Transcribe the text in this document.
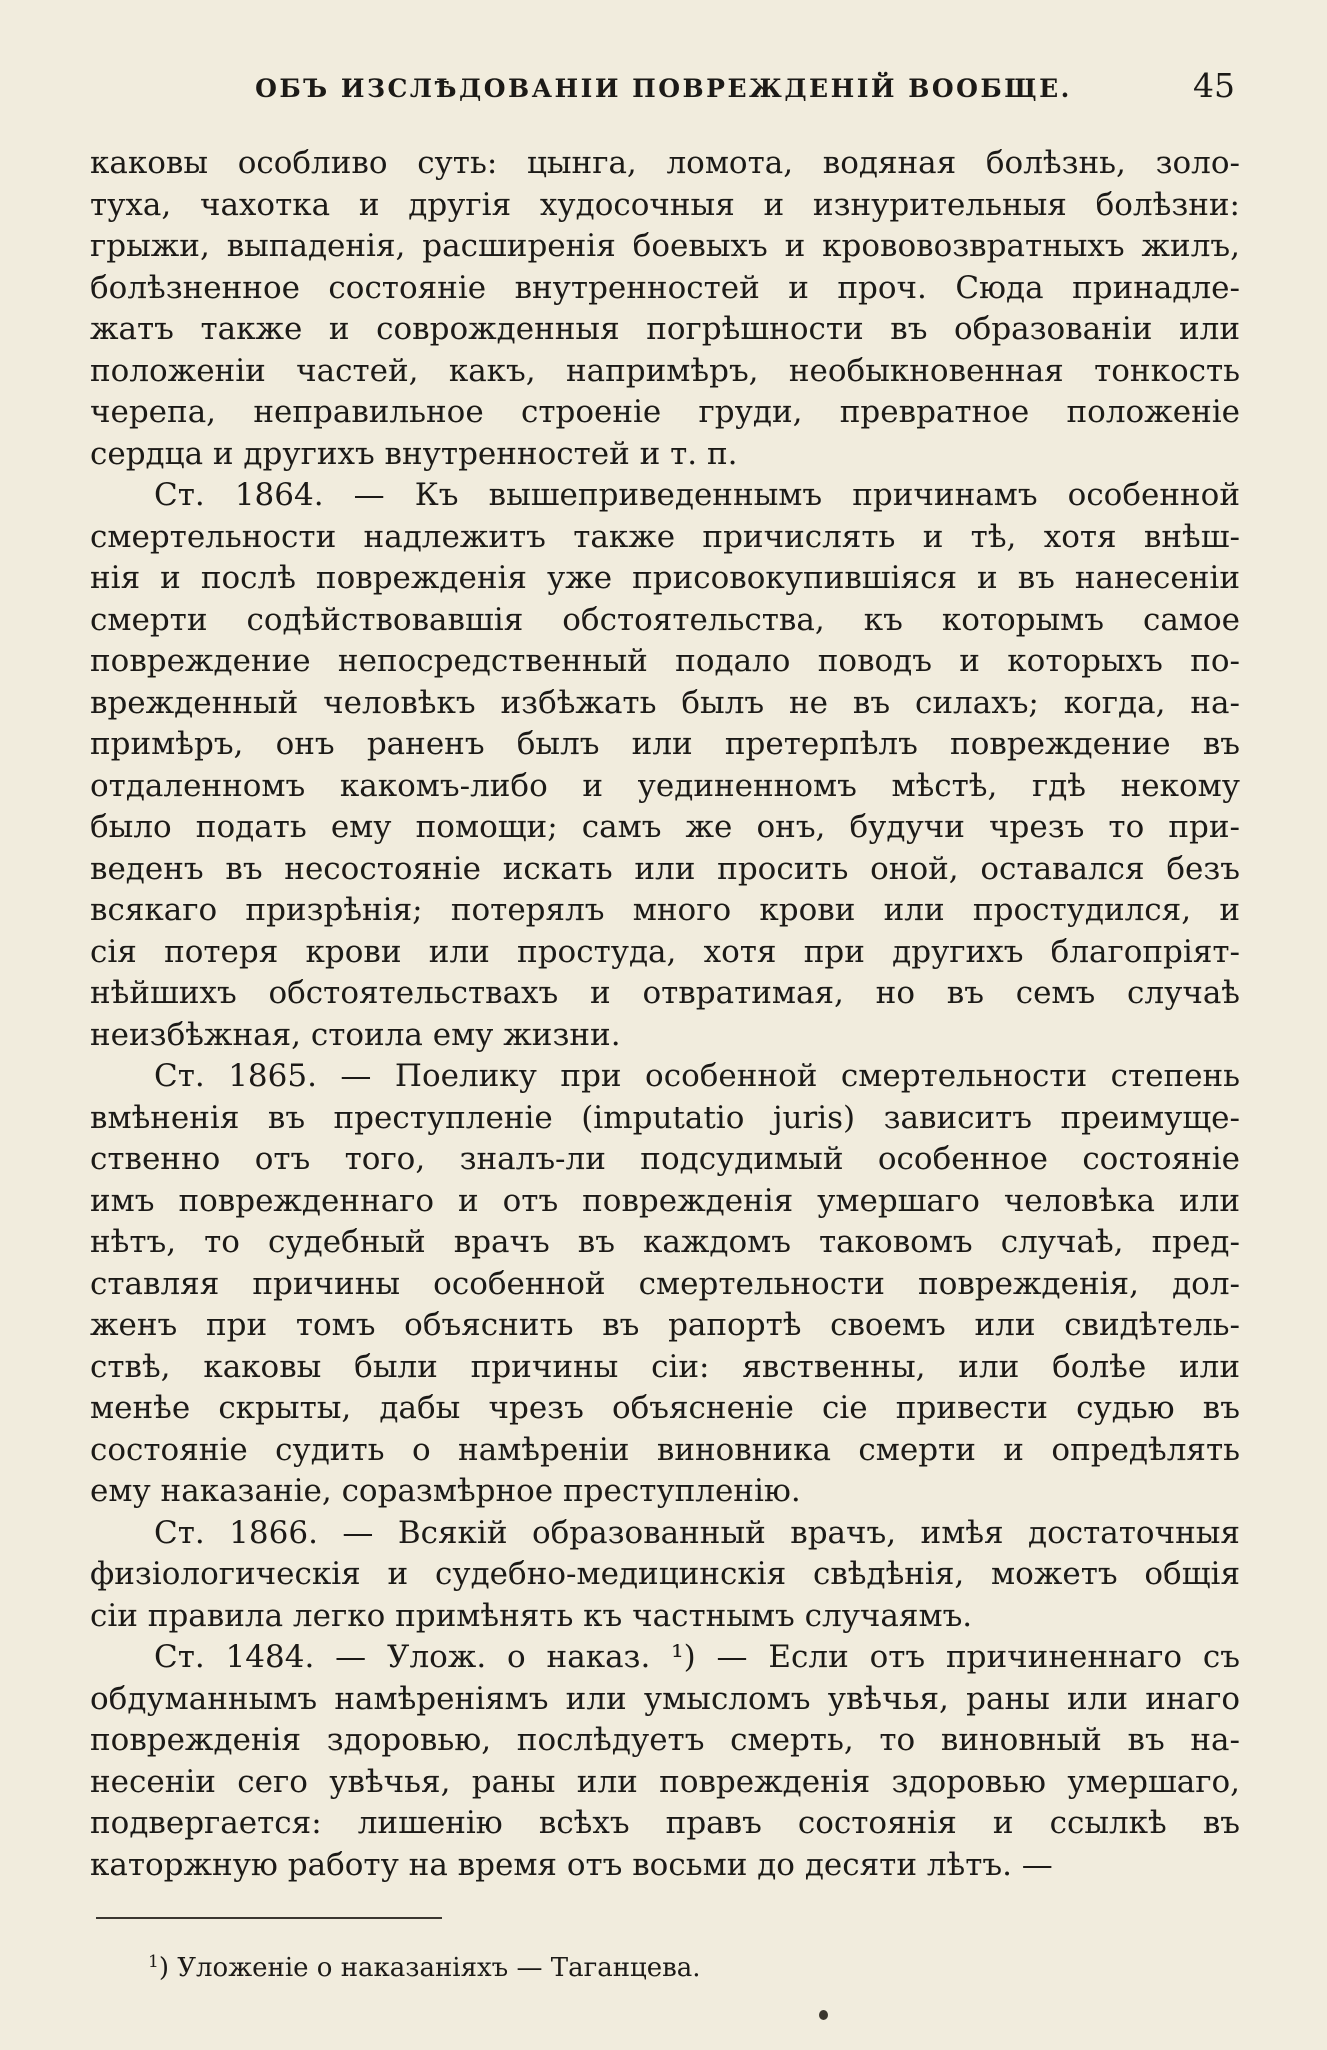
ОБЪ ИЗСЛѢДОВАНІИ ПОВРЕЖДЕНІЙ ВООБЩЕ.	45
каковы особливо суть: цынга, ломота, водяная болѣзнь, золо-
туха, чахотка и другія худосочныя и изнурительныя болѣзни:
грыжи, выпаденія, расширенія боевыхъ и крововозвратныхъ жилъ,
болѣзненное состояніе внутренностей и проч. Сюда принадле-
жатъ также и соврожденныя погрѣшности въ образованіи или
положеніи частей, какъ, напримѣръ, необыкновенная тонкость
черепа, неправильное строеніе груди, превратное положеніе
сердца и другихъ внутренностей и т. п.
Ст. 1864. — Къ вышеприведеннымъ причинамъ особенной
смертельности надлежитъ также причислять и тѣ, хотя внѣш-
нія и послѣ поврежденія уже присовокупившіяся и въ нанесеніи
смерти содѣйствовавшія обстоятельства, къ которымъ самое
повреждение непосредственный подало поводъ и которыхъ по-
врежденный человѣкъ избѣжать былъ не въ силахъ; когда, на-
примѣръ, онъ раненъ былъ или претерпѣлъ повреждение въ
отдаленномъ какомъ-либо и уединенномъ мѣстѣ, гдѣ некому
было подать ему помощи; самъ же онъ, будучи чрезъ то при-
веденъ въ несостояніе искать или просить оной, оставался безъ
всякаго призрѣнія; потерялъ много крови или простудился, и
сія потеря крови или простуда, хотя при другихъ благопріят-
нѣйшихъ обстоятельствахъ и отвратимая, но въ семъ случаѣ
неизбѣжная, стоила ему жизни.
Ст. 1865. — Поелику при особенной смертельности степень
вмѣненія въ преступленіе (imputatio juris) зависитъ преимуще-
ственно отъ того, зналъ-ли подсудимый особенное состояніе
имъ поврежденнаго и отъ поврежденія умершаго человѣка или
нѣтъ, то судебный врачъ въ каждомъ таковомъ случаѣ, пред-
ставляя причины особенной смертельности поврежденія, дол-
женъ при томъ объяснить въ рапортѣ своемъ или свидѣтель-
ствѣ, каковы были причины сіи: явственны, или болѣе или
менѣе скрыты, дабы чрезъ объясненіе сіе привести судью въ
состояніе судить о намѣреніи виновника смерти и опредѣлять
ему наказаніе, соразмѣрное преступленію.
Ст. 1866. — Всякій образованный врачъ, имѣя достаточныя
физіологическія и судебно-медицинскія свѣдѣнія, можетъ общія
сіи правила легко примѣнять къ частнымъ случаямъ.
Ст. 1484. — Улож. о наказ. ¹) — Если отъ причиненнаго съ
обдуманнымъ намѣреніямъ или умысломъ увѣчья, раны или инаго
поврежденія здоровью, послѣдуетъ смерть, то виновный въ на-
несеніи сего увѣчья, раны или поврежденія здоровью умершаго,
подвергается: лишенію всѣхъ правъ состоянія и ссылкѣ въ
каторжную работу на время отъ восьми до десяти лѣтъ. —
$^1$) Уложеніе о наказаніяхъ — Таганцева.
